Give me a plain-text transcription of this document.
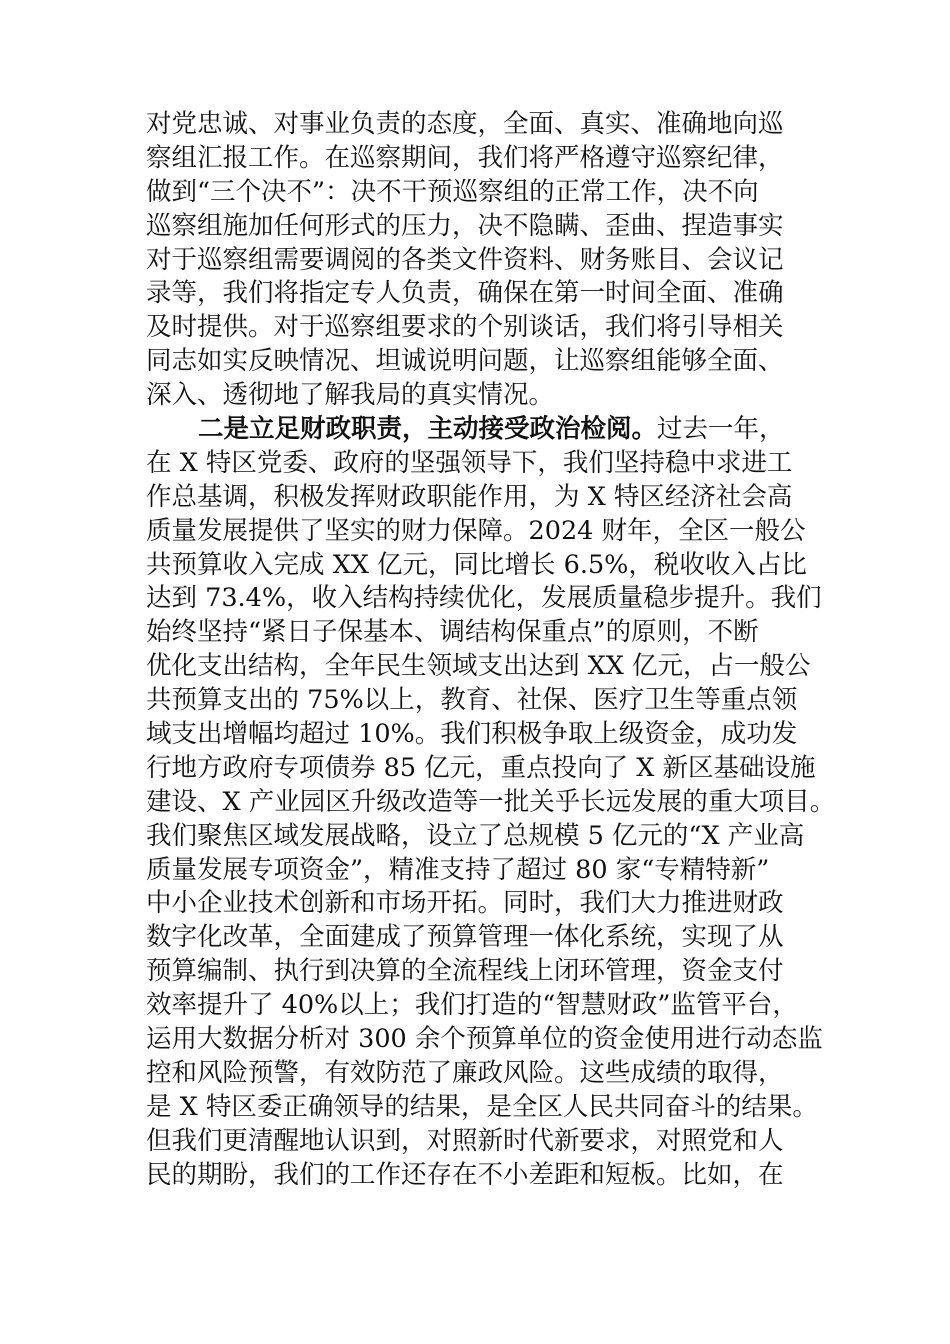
对党忠诚、对事业负责的态度，全面、真实、准确地向巡
察组汇报工作。在巡察期间，我们将严格遵守巡察纪律，
做到“三个决不”：决不干预巡察组的正常工作，决不向
巡察组施加任何形式的压力，决不隐瞒、歪曲、捏造事实
对于巡察组需要调阅的各类文件资料、财务账目、会议记
录等，我们将指定专人负责，确保在第一时间全面、准确
及时提供。对于巡察组要求的个别谈话，我们将引导相关
同志如实反映情况、坦诚说明问题，让巡察组能够全面、
深入、透彻地了解我局的真实情况。
二是立足财政职责，主动接受政治检阅。过去一年，
在 X 特区党委、政府的坚强领导下，我们坚持稳中求进工
作总基调，积极发挥财政职能作用，为 X 特区经济社会高
质量发展提供了坚实的财力保障。2024 财年，全区一般公
共预算收入完成 XX 亿元，同比增长 6.5%，税收收入占比
达到 73.4%，收入结构持续优化，发展质量稳步提升。我们
始终坚持“紧日子保基本、调结构保重点”的原则，不断
优化支出结构，全年民生领域支出达到 XX 亿元，占一般公
共预算支出的 75%以上，教育、社保、医疗卫生等重点领
域支出增幅均超过 10%。我们积极争取上级资金，成功发
行地方政府专项债券 85 亿元，重点投向了 X 新区基础设施
建设、X 产业园区升级改造等一批关乎长远发展的重大项目。
我们聚焦区域发展战略，设立了总规模 5 亿元的“X 产业高
质量发展专项资金”，精准支持了超过 80 家“专精特新”
中小企业技术创新和市场开拓。同时，我们大力推进财政
数字化改革，全面建成了预算管理一体化系统，实现了从
预算编制、执行到决算的全流程线上闭环管理，资金支付
效率提升了 40%以上；我们打造的“智慧财政”监管平台，
运用大数据分析对 300 余个预算单位的资金使用进行动态监
控和风险预警，有效防范了廉政风险。这些成绩的取得，
是 X 特区委正确领导的结果，是全区人民共同奋斗的结果。
但我们更清醒地认识到，对照新时代新要求，对照党和人
民的期盼，我们的工作还存在不小差距和短板。比如，在
